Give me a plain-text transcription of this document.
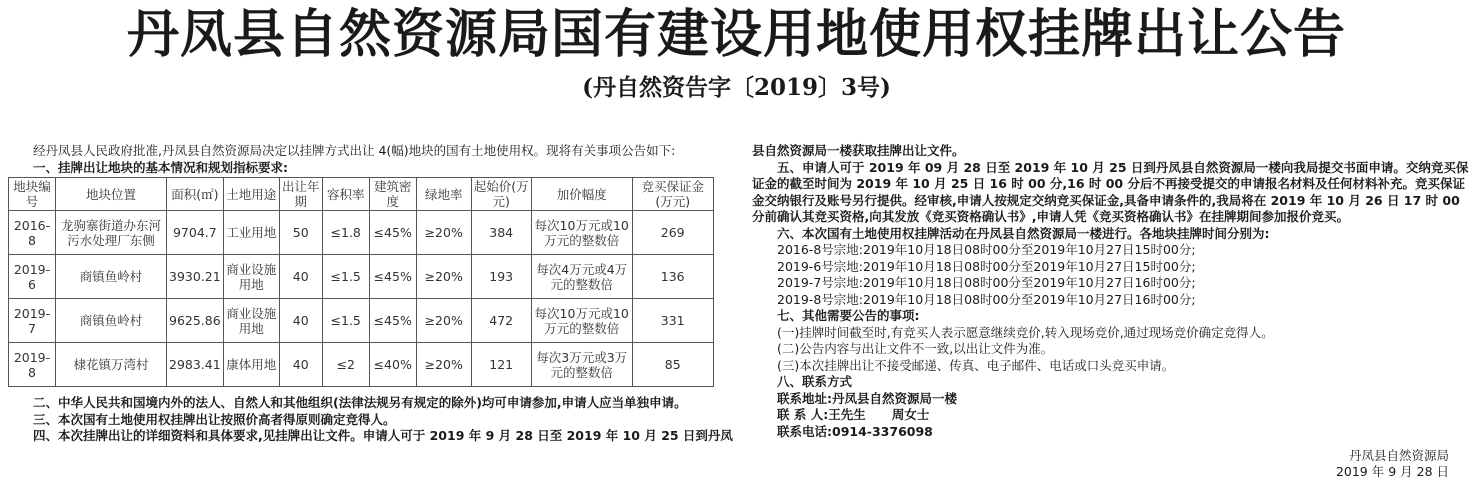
丹凤县自然资源局国有建设用地使用权挂牌出让公告
(丹自然资告字〔2019〕3号)

经丹凤县人民政府批准,丹凤县自然资源局决定以挂牌方式出让 4(幅)地块的国有土地使用权。现将有关事项公告如下:

一、挂牌出让地块的基本情况和规划指标要求:

地块编号	地块位置	面积(㎡)	土地用途	出让年期	容积率	建筑密度	绿地率	起始价(万元)	加价幅度	竞买保证金(万元)
2016-8	龙驹寨街道办东河污水处理厂东侧	9704.7	工业用地	50	≤1.8	≤45%	≥20%	384	每次10万元或10万元的整数倍	269
2019-6	商镇鱼岭村	3930.21	商业设施用地	40	≤1.5	≤45%	≥20%	193	每次4万元或4万元的整数倍	136
2019-7	商镇鱼岭村	9625.86	商业设施用地	40	≤1.5	≤45%	≥20%	472	每次10万元或10万元的整数倍	331
2019-8	棣花镇万湾村	2983.41	康体用地	40	≤2	≤40%	≥20%	121	每次3万元或3万元的整数倍	85

二、中华人民共和国境内外的法人、自然人和其他组织(法律法规另有规定的除外)均可申请参加,申请人应当单独申请。

三、本次国有土地使用权挂牌出让按照价高者得原则确定竞得人。

四、本次挂牌出让的详细资料和具体要求,见挂牌出让文件。申请人可于 2019 年 9 月 28 日至 2019 年 10 月 25 日到丹凤

县自然资源局一楼获取挂牌出让文件。

五、申请人可于 2019 年 09 月 28 日至 2019 年 10 月 25 日到丹凤县自然资源局一楼向我局提交书面申请。交纳竞买保证金的截至时间为 2019 年 10 月 25 日 16 时 00 分,16 时 00 分后不再接受提交的申请报名材料及任何材料补充。竞买保证金交纳银行及账号另行提供。经审核,申请人按规定交纳竞买保证金,具备申请条件的,我局将在 2019 年 10 月 26 日 17 时 00 分前确认其竞买资格,向其发放《竞买资格确认书》,申请人凭《竞买资格确认书》在挂牌期间参加报价竞买。

六、本次国有土地使用权挂牌活动在丹凤县自然资源局一楼进行。各地块挂牌时间分别为:

2016-8号宗地:2019年10月18日08时00分至2019年10月27日15时00分;

2019-6号宗地:2019年10月18日08时00分至2019年10月27日15时00分;

2019-7号宗地:2019年10月18日08时00分至2019年10月27日16时00分;

2019-8号宗地:2019年10月18日08时00分至2019年10月27日16时00分;

七、其他需要公告的事项:

(一)挂牌时间截至时,有竞买人表示愿意继续竞价,转入现场竞价,通过现场竞价确定竞得人。

(二)公告内容与出让文件不一致,以出让文件为准。

(三)本次挂牌出让不接受邮递、传真、电子邮件、电话或口头竞买申请。

八、联系方式

联系地址:丹凤县自然资源局一楼

联 系 人:王先生      周女士

联系电话:0914-3376098

丹凤县自然资源局
2019 年 9 月 28 日
